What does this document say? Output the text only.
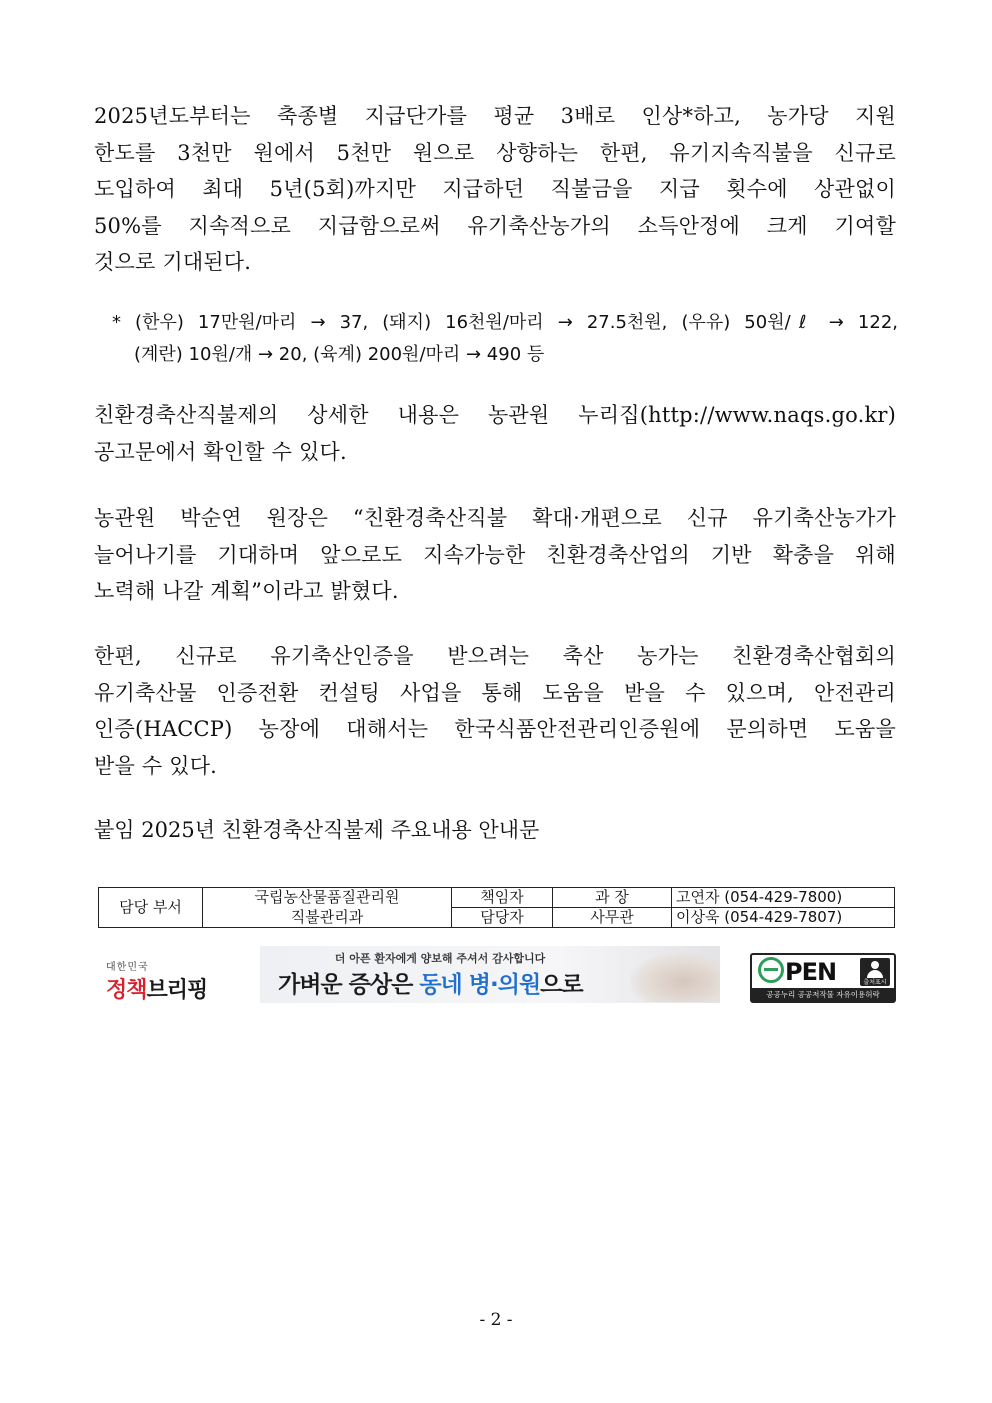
2025년도부터는 축종별 지급단가를 평균 3배로 인상*하고, 농가당 지원
한도를 3천만 원에서 5천만 원으로 상향하는 한편, 유기지속직불을 신규로
도입하여 최대 5년(5회)까지만 지급하던 직불금을 지급 횟수에 상관없이
50%를 지속적으로 지급함으로써 유기축산농가의 소득안정에 크게 기여할
것으로 기대된다.
* (한우) 17만원/마리 → 37, (돼지) 16천원/마리 → 27.5천원, (우유) 50원/ℓ → 122,
(계란) 10원/개 → 20, (육계) 200원/마리 → 490 등
친환경축산직불제의 상세한 내용은 농관원 누리집(http://www.naqs.go.kr)
공고문에서 확인할 수 있다.
농관원 박순연 원장은 “친환경축산직불 확대·개편으로 신규 유기축산농가가
늘어나기를 기대하며 앞으로도 지속가능한 친환경축산업의 기반 확충을 위해
노력해 나갈 계획”이라고 밝혔다.
한편, 신규로 유기축산인증을 받으려는 축산 농가는 친환경축산협회의
유기축산물 인증전환 컨설팅 사업을 통해 도움을 받을 수 있으며, 안전관리
인증(HACCP) 농장에 대해서는 한국식품안전관리인증원에 문의하면 도움을
받을 수 있다.
붙임 2025년 친환경축산직불제 주요내용 안내문
담당 부서	국립농산물품질관리원	책임자	과 장	고연자 (054-429-7800)
	직불관리과	담당자	사무관	이상욱 (054-429-7807)
대한민국
정책브리핑
더 아픈 환자에게 양보해 주셔서 감사합니다
가벼운 증상은 동네 병·의원으로	PEN	출처표시
공공누리 공공저작물 자유이용허락
- 2 -
